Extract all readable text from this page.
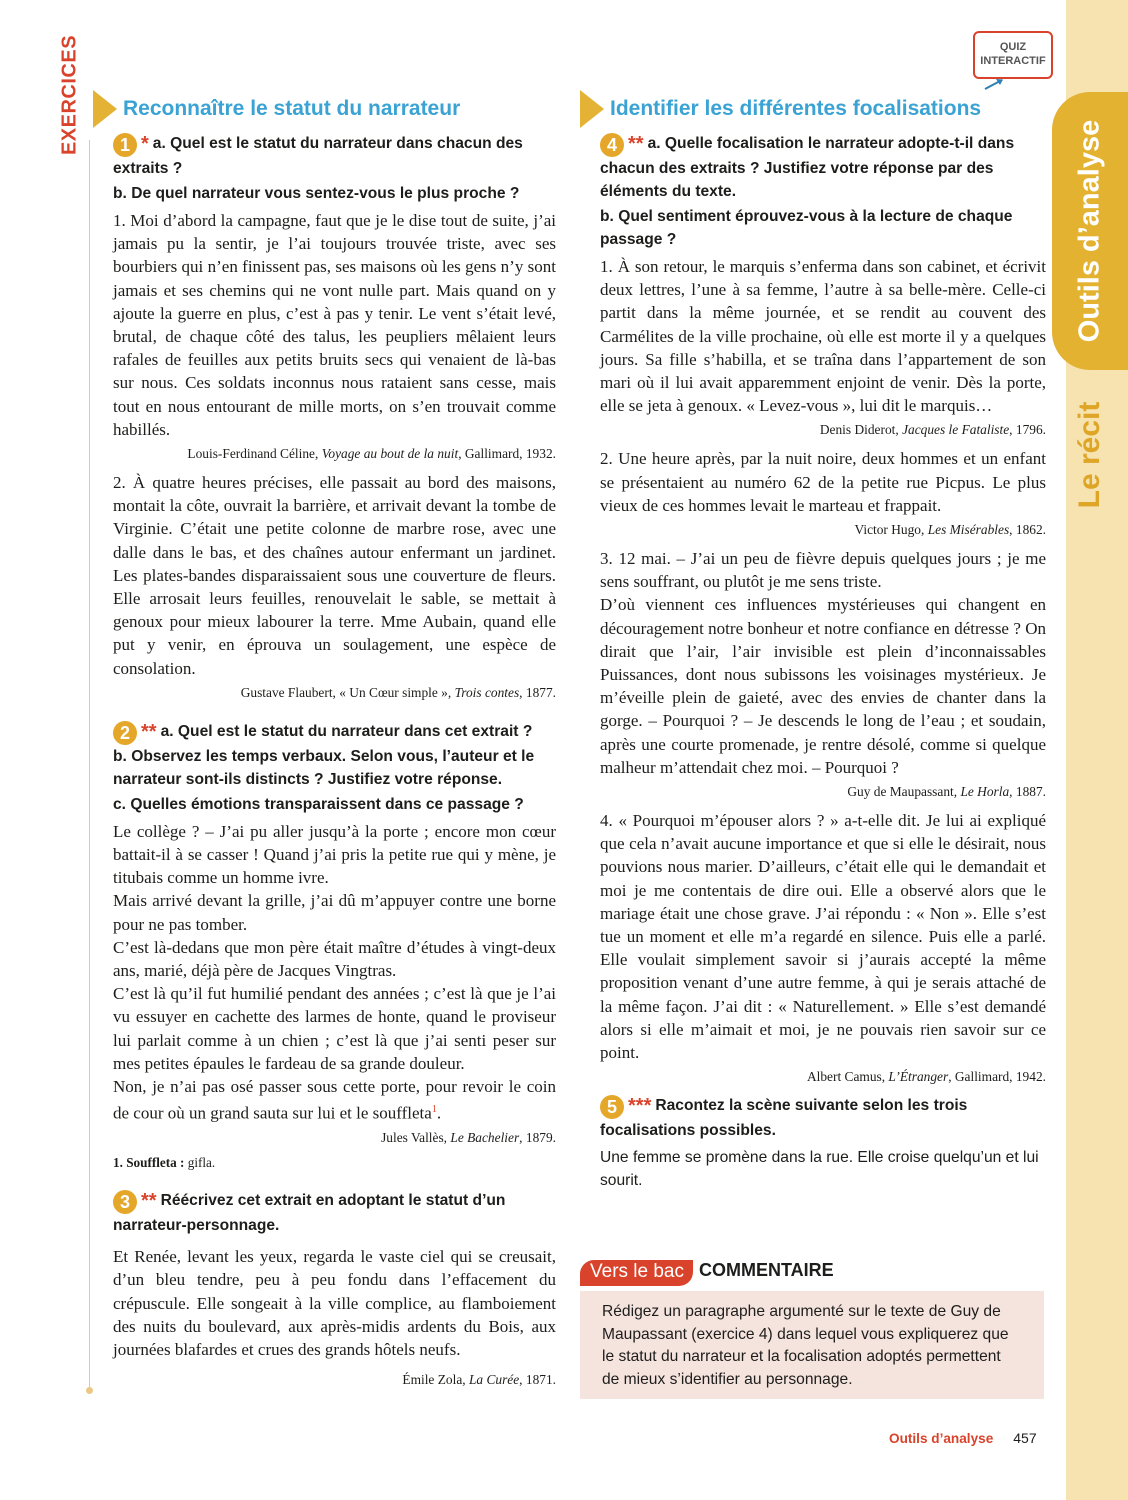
Outils d’analyse
Le récit
EXERCICES	QUIZ
INTERACTIF
Reconnaître le statut du narrateur
1 * a. Quel est le statut du narrateur dans chacun des extraits ?
b. De quel narrateur vous sentez-vous le plus proche ?
1. Moi d’abord la campagne, faut que je le dise tout de suite, j’ai jamais pu la sentir, je l’ai toujours trouvée triste, avec ses bourbiers qui n’en finissent pas, ses maisons où les gens n’y sont jamais et ses chemins qui ne vont nulle part. Mais quand on y ajoute la guerre en plus, c’est à pas y tenir. Le vent s’était levé, brutal, de chaque côté des talus, les peupliers mêlaient leurs rafales de feuilles aux petits bruits secs qui venaient de là-bas sur nous. Ces soldats inconnus nous rataient sans cesse, mais tout en nous entourant de mille morts, on s’en trouvait comme habillés.
Louis-Ferdinand Céline, Voyage au bout de la nuit, Gallimard, 1932.
2. À quatre heures précises, elle passait au bord des maisons, montait la côte, ouvrait la barrière, et arrivait devant la tombe de Virginie. C’était une petite colonne de marbre rose, avec une dalle dans le bas, et des chaînes autour enfermant un jardinet. Les plates-bandes disparaissaient sous une couverture de fleurs. Elle arrosait leurs feuilles, renouvelait le sable, se mettait à genoux pour mieux labourer la terre. Mme Aubain, quand elle put y venir, en éprouva un soulagement, une espèce de consolation.
Gustave Flaubert, « Un Cœur simple », Trois contes, 1877.
2 ** a. Quel est le statut du narrateur dans cet extrait ?
b. Observez les temps verbaux. Selon vous, l’auteur et le narrateur sont-ils distincts ? Justifiez votre réponse.
c. Quelles émotions transparaissent dans ce passage ?

Le collège ? – J’ai pu aller jusqu’à la porte ; encore mon cœur battait-il à se casser ! Quand j’ai pris la petite rue qui y mène, je titubais comme un homme ivre.

Mais arrivé devant la grille, j’ai dû m’appuyer contre une borne pour ne pas tomber.

C’est là-dedans que mon père était maître d’études à vingt-deux ans, marié, déjà père de Jacques Vingtras.

C’est là qu’il fut humilié pendant des années ; c’est là que je l’ai vu essuyer en cachette des larmes de honte, quand le proviseur lui parlait comme à un chien ; c’est là que j’ai senti peser sur mes petites épaules le fardeau de sa grande douleur.

Non, je n’ai pas osé passer sous cette porte, pour revoir le coin de cour où un grand sauta sur lui et le souffleta$^1$.

Jules Vallès, Le Bachelier, 1879.
1. Souffleta : gifla.
3 ** Réécrivez cet extrait en adoptant le statut d’un narrateur-personnage.
Et Renée, levant les yeux, regarda le vaste ciel qui se creusait, d’un bleu tendre, peu à peu fondu dans l’effacement du crépuscule. Elle songeait à la ville complice, au flamboiement des nuits du boulevard, aux après-midis ardents du Bois, aux journées blafardes et crues des grands hôtels neufs.
Émile Zola, La Curée, 1871.
Identifier les différentes focalisations
4 ** a. Quelle focalisation le narrateur adopte-t-il dans chacun des extraits ? Justifiez votre réponse par des éléments du texte.
b. Quel sentiment éprouvez-vous à la lecture de chaque passage ?
1. À son retour, le marquis s’enferma dans son cabinet, et écrivit deux lettres, l’une à sa femme, l’autre à sa belle-mère. Celle-ci partit dans la même journée, et se rendit au couvent des Carmélites de la ville prochaine, où elle est morte il y a quelques jours. Sa fille s’habilla, et se traîna dans l’appartement de son mari où il lui avait apparemment enjoint de venir. Dès la porte, elle se jeta à genoux. « Levez-vous », lui dit le marquis…
Denis Diderot, Jacques le Fataliste, 1796.
2. Une heure après, par la nuit noire, deux hommes et un enfant se présentaient au numéro 62 de la petite rue Picpus. Le plus vieux de ces hommes levait le marteau et frappait.
Victor Hugo, Les Misérables, 1862.

3. 12 mai. – J’ai un peu de fièvre depuis quelques jours ; je me sens souffrant, ou plutôt je me sens triste.

D’où viennent ces influences mystérieuses qui changent en découragement notre bonheur et notre confiance en détresse ? On dirait que l’air, l’air invisible est plein d’inconnaissables Puissances, dont nous subissons les voisinages mystérieux. Je m’éveille plein de gaieté, avec des envies de chanter dans la gorge. – Pourquoi ? – Je descends le long de l’eau ; et soudain, après une courte promenade, je rentre désolé, comme si quelque malheur m’attendait chez moi. – Pourquoi ?

Guy de Maupassant, Le Horla, 1887.
4. « Pourquoi m’épouser alors ? » a-t-elle dit. Je lui ai expliqué que cela n’avait aucune importance et que si elle le désirait, nous pouvions nous marier. D’ailleurs, c’était elle qui le demandait et moi je me contentais de dire oui. Elle a observé alors que le mariage était une chose grave. J’ai répondu : « Non ». Elle s’est tue un moment et elle m’a regardé en silence. Puis elle a parlé. Elle voulait simplement savoir si j’aurais accepté la même proposition venant d’une autre femme, à qui je serais attaché de la même façon. J’ai dit : « Naturellement. » Elle s’est demandé alors si elle m’aimait et moi, je ne pouvais rien savoir sur ce point.
Albert Camus, L’Étranger, Gallimard, 1942.
5 *** Racontez la scène suivante selon les trois focalisations possibles.
Une femme se promène dans la rue. Elle croise quelqu’un et lui sourit.
Vers le bac COMMENTAIRE
Rédigez un paragraphe argumenté sur le texte de Guy de Maupassant (exercice 4) dans lequel vous expliquerez que le statut du narrateur et la focalisation adoptés permettent de mieux s’identifier au personnage.
Outils d’analyse 457
